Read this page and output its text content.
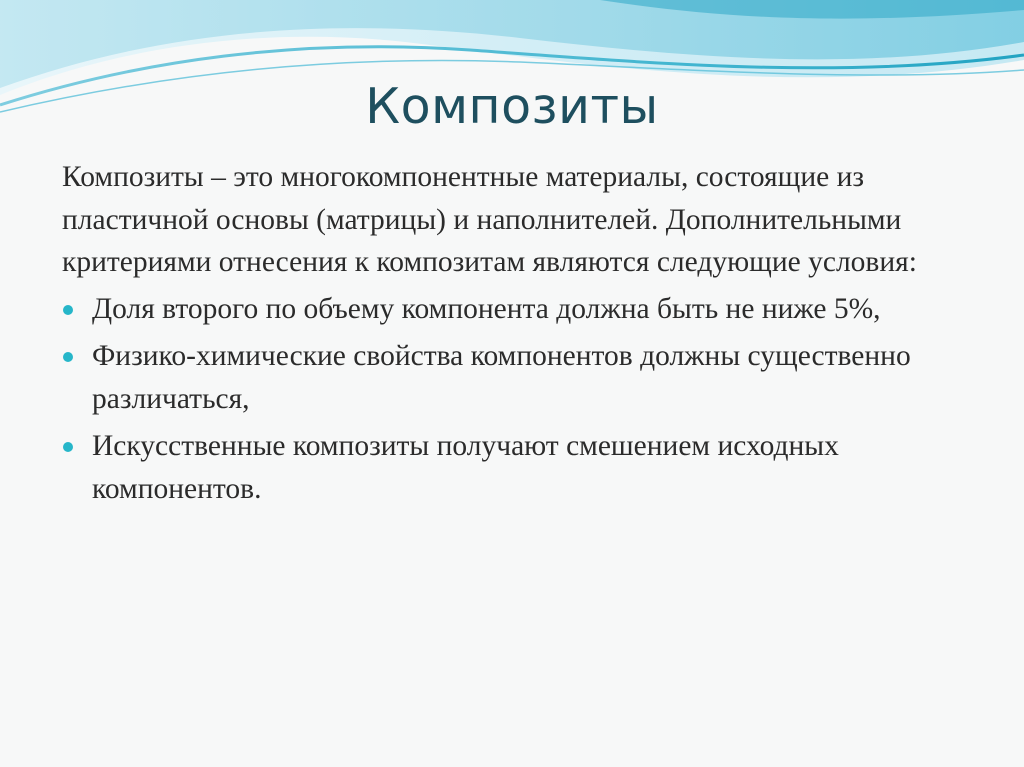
Композиты

Композиты – это многокомпонентные материалы, состоящие из пластичной основы (матрицы) и наполнителей. Дополнительными критериями отнесения к композитам являются следующие условия:

Доля второго по объему компонента должна быть не ниже 5%,
Физико-химические свойства компонентов должны существенно различаться,
Искусственные композиты получают смешением исходных компонентов.
